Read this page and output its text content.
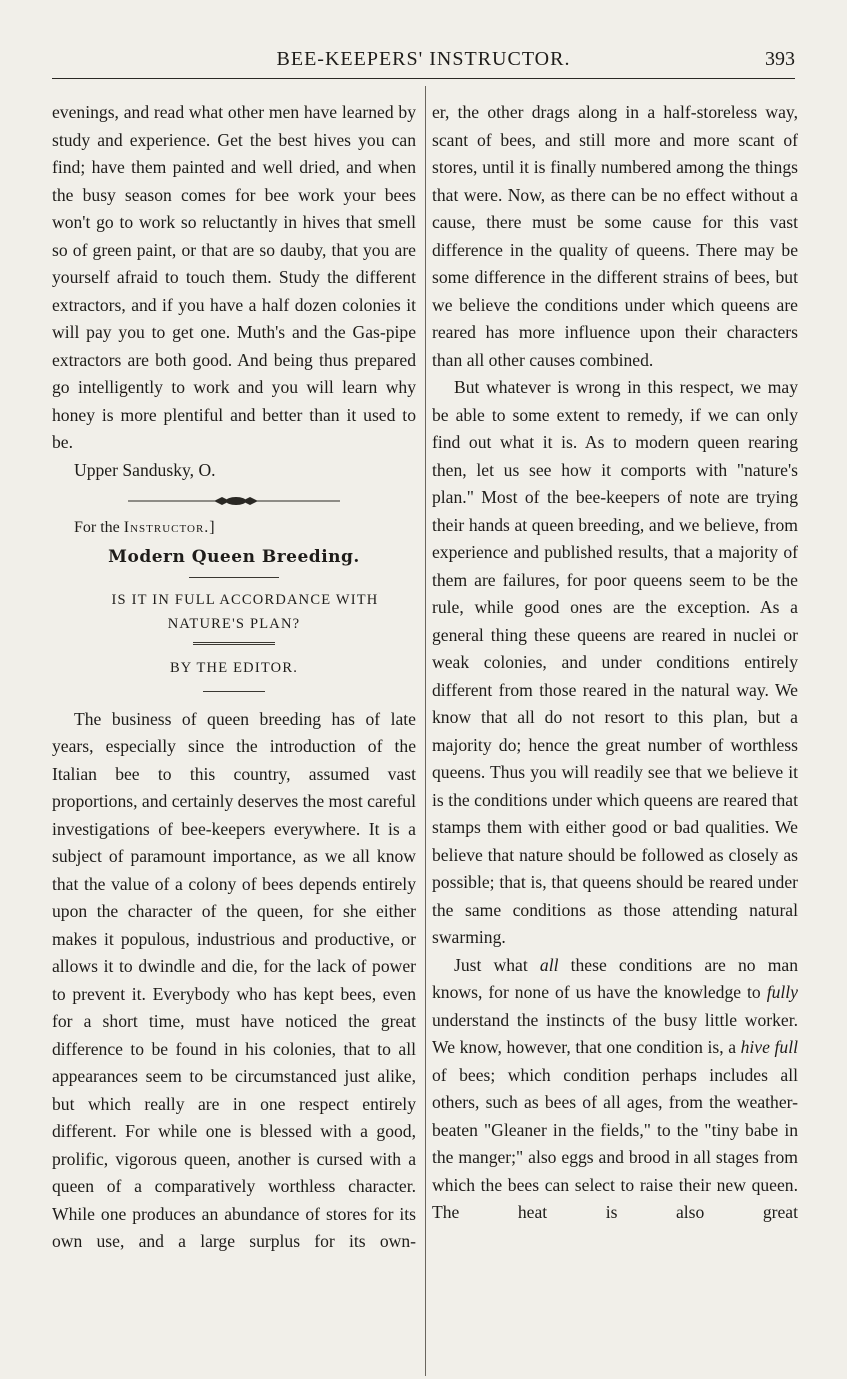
BEE-KEEPERS' INSTRUCTOR.	393

evenings, and read what other men have learned by study and experience. Get the best hives you can find; have them painted and well dried, and when the busy season comes for bee work your bees won't go to work so reluctantly in hives that smell so of green paint, or that are so dauby, that you are yourself afraid to touch them. Study the different extractors, and if you have a half dozen colonies it will pay you to get one. Muth's and the Gas-pipe extractors are both good. And being thus prepared go intelligently to work and you will learn why honey is more plentiful and better than it used to be.

Upper Sandusky, O.

For the Instructor.]

Modern Queen Breeding.

IS IT IN FULL ACCORDANCE WITH NATURE'S PLAN?

BY THE EDITOR.

The business of queen breeding has of late years, especially since the introduction of the Italian bee to this country, assumed vast proportions, and certainly deserves the most careful investigations of bee-keepers everywhere. It is a subject of paramount importance, as we all know that the value of a colony of bees depends entirely upon the character of the queen, for she either makes it populous, industrious and productive, or allows it to dwindle and die, for the lack of power to prevent it. Everybody who has kept bees, even for a short time, must have noticed the great difference to be found in his colonies, that to all appearances seem to be circumstanced just alike, but which really are in one respect entirely different. For while one is blessed with a good, prolific, vigorous queen, another is cursed with a queen of a comparatively worthless character. While one produces an abundance of stores for its own use, and a large surplus for its own-

er, the other drags along in a half-storeless way, scant of bees, and still more and more scant of stores, until it is finally numbered among the things that were. Now, as there can be no effect without a cause, there must be some cause for this vast difference in the quality of queens. There may be some difference in the different strains of bees, but we believe the conditions under which queens are reared has more influence upon their characters than all other causes combined.

But whatever is wrong in this respect, we may be able to some extent to remedy, if we can only find out what it is. As to modern queen rearing then, let us see how it comports with "nature's plan." Most of the bee-keepers of note are trying their hands at queen breeding, and we believe, from experience and published results, that a majority of them are failures, for poor queens seem to be the rule, while good ones are the exception. As a general thing these queens are reared in nuclei or weak colonies, and under conditions entirely different from those reared in the natural way. We know that all do not resort to this plan, but a majority do; hence the great number of worthless queens. Thus you will readily see that we believe it is the conditions under which queens are reared that stamps them with either good or bad qualities. We believe that nature should be followed as closely as possible; that is, that queens should be reared under the same conditions as those attending natural swarming.

Just what all these conditions are no man knows, for none of us have the knowledge to fully understand the instincts of the busy little worker. We know, however, that one condition is, a hive full of bees; which condition perhaps includes all others, such as bees of all ages, from the weather-beaten "Gleaner in the fields," to the "tiny babe in the manger;" also eggs and brood in all stages from which the bees can select to raise their new queen. The heat is also great
